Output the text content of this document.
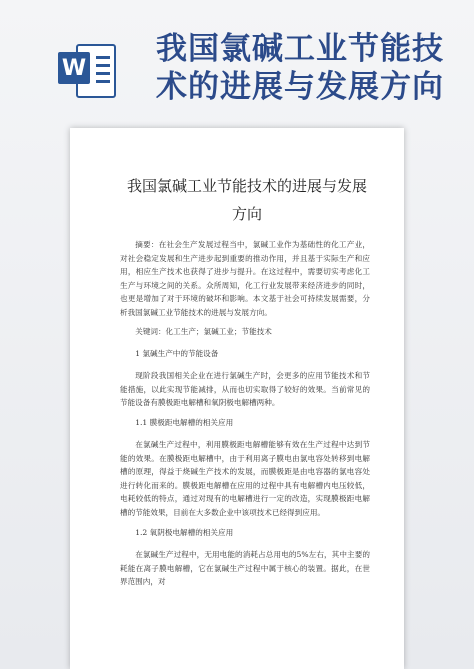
W
我国氯碱工业节能技术的进展与发展方向
我国氯碱工业节能技术的进展与发展方向
摘要：在社会生产发展过程当中，氯碱工业作为基础性的化工产业，对社会稳定发展和生产进步起到重要的推动作用，并且基于实际生产和应用，相应生产技术也获得了进步与提升。在这过程中，需要切实考虑化工生产与环境之间的关系。众所周知，化工行业发展带来经济进步的同时，也更是增加了对于环境的破坏和影响。本文基于社会可持续发展需要，分析我国氯碱工业节能技术的进展与发展方向。
关键词：化工生产；氯碱工业；节能技术
1 氯碱生产中的节能设备
现阶段我国相关企业在进行氯碱生产时，会更多的应用节能技术和节能措施，以此实现节能减排，从而也切实取得了较好的效果。当前常见的节能设备有膜极距电解槽和氧阴极电解槽两种。
1.1 膜极距电解槽的相关应用
在氯碱生产过程中，利用膜极距电解槽能够有效在生产过程中达到节能的效果。在膜极距电解槽中，由于利用离子膜电由氯电容处转移到电解槽的原理，得益于烧碱生产技术的发展，而膜极距是由电容器的氯电容处进行转化而来的。膜极距电解槽在应用的过程中具有电解槽内电压较低，电耗较低的特点，通过对现有的电解槽进行一定的改造，实现膜极距电解槽的节能效果，目前在大多数企业中该项技术已经得到应用。
1.2 氧阴极电解槽的相关应用
在氯碱生产过程中，无用电能的消耗占总用电的5%左右，其中主要的耗能在离子膜电解槽，它在氯碱生产过程中属于核心的装置。据此，在世界范围内，对
